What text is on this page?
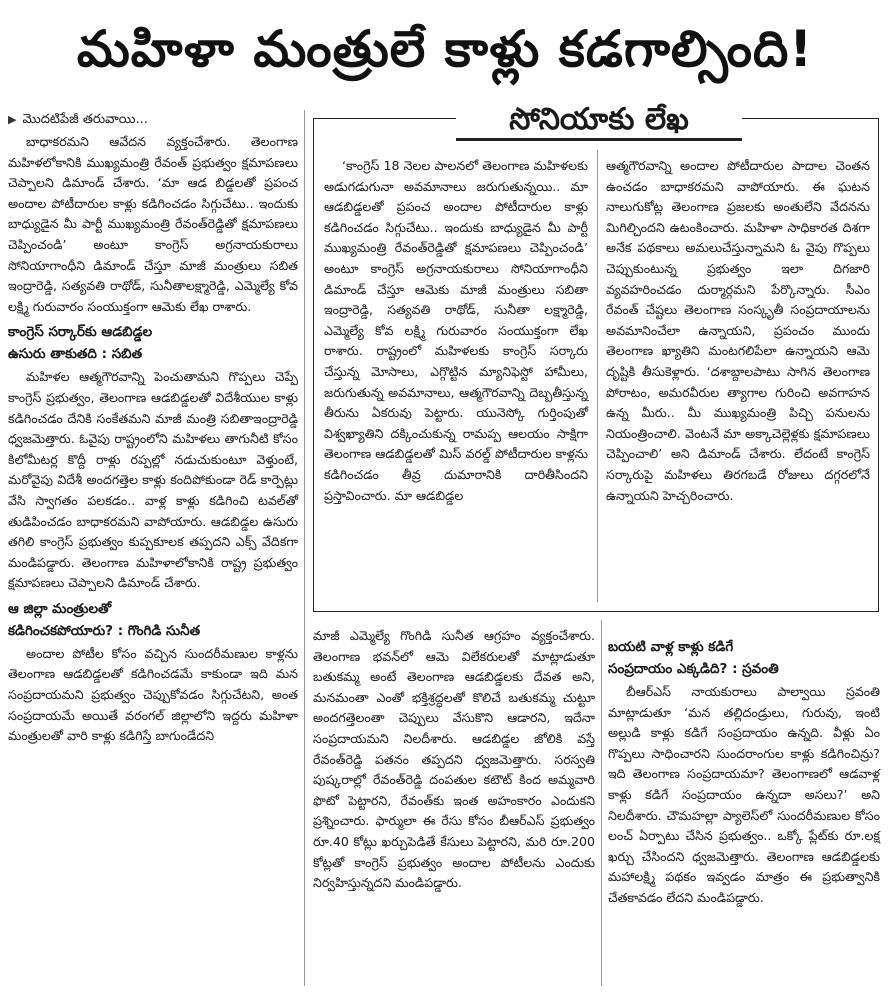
మహిళా మంత్రులే కాళ్లు కడగాల్సింది!
▶ మొదటిపేజీ తరువాయి...

బాధాకరమని ఆవేదన వ్యక్తంచేశారు. తెలంగాణ మహిళలోకానికి ముఖ్యమంత్రి రేవంత్ ప్రభుత్వం క్షమాపణలు చెప్పాలని డిమాండ్ చేశారు. ‘మా ఆడ బిడ్డలతో ప్రపంచ అందాల పోటీదారుల కాళ్లు కడిగించడం సిగ్గుచేటు.. ఇందుకు బాధ్యుడైన మీ పార్టీ ముఖ్యమంత్రి రేవంత్‌రెడ్డితో క్షమాపణలు చెప్పించండి’ అంటూ కాంగ్రెస్ అగ్రనాయకురాలు సోనియాగాంధీని డిమాండ్ చేస్తూ మాజీ మంత్రులు సబిత ఇంద్రారెడ్డి, సత్యవతి రాథోడ్, సునీతాలక్ష్మారెడ్డి, ఎమ్మెల్యే కోవ లక్ష్మి గురువారం సంయుక్తంగా ఆమెకు లేఖ రాశారు.

కాంగ్రెస్ సర్కార్‌కు ఆడబిడ్డల
ఉసురు తాకుతది : సబిత

మహిళల ఆత్మగౌరవాన్ని పెంచుతామని గొప్పలు చెప్పే కాంగ్రెస్ ప్రభుత్వం, తెలంగాణ ఆడబిడ్డలతో విదేశీయుల కాళ్లు కడిగించడం దేనికి సంకేతమని మాజీ మంత్రి సబితాఇంద్రారెడ్డి ధ్వజమెత్తారు. ఓవైపు రాష్ట్రంలోని మహిళలు తాగునీటి కోసం కిలోమీటర్ల కొద్దీ రాళ్లు రప్పల్లో నడుచుకుంటూ వెళ్తుంటే, మరోవైపు విదేశీ అందగత్తెల కాళ్లు కందిపోకుండా రెడ్ కార్పెట్లు వేసి స్వాగతం పలకడం.. వాళ్ల కాళ్లు కడిగించి టవల్‌తో తుడిపించడం బాధాకరమని వాపోయారు. ఆడబిడ్డల ఉసురు తగిలి కాంగ్రెస్ ప్రభుత్వం కుప్పకూలక తప్పదని ఎక్స్ వేదికగా మండిపడ్డారు. తెలంగాణ మహిళాలోకానికి రాష్ట్ర ప్రభుత్వం క్షమాపణలు చెప్పాలని డిమాండ్ చేశారు.

ఆ జిల్లా మంత్రులతో
కడిగించకపోయారు? : గొంగిడి సునీత

అందాల పోటీల కోసం వచ్చిన సుందరీమణుల కాళ్లను తెలంగాణ ఆడబిడ్డలతో కడిగించడమే కాకుండా ఇది మన సంప్రదాయమని ప్రభుత్వం చెప్పుకోవడం సిగ్గుచేటని, అంత సంప్రదాయమే అయితే వరంగల్ జిల్లాలోని ఇద్దరు మహిళా మంత్రులతో వారి కాళ్లు కడిగిస్తే బాగుండేదని

సోనియాకు లేఖ

‘కాంగ్రెస్ 18 నెలల పాలనలో తెలంగాణ మహిళలకు అడుగడుగునా అవమానాలు జరుగుతున్నయి.. మా ఆడబిడ్డలతో ప్రపంచ అందాల పోటీదారుల కాళ్లు కడిగించడం సిగ్గుచేటు.. ఇందుకు బాధ్యుడైన మీ పార్టీ ముఖ్యమంత్రి రేవంత్‌రెడ్డితో క్షమాపణలు చెప్పించండి’ అంటూ కాంగ్రెస్ అగ్రనాయకురాలు సోనియాగాంధీని డిమాండ్ చేస్తూ ఆమెకు మాజీ మంత్రులు సబితా ఇంద్రారెడ్డి, సత్యవతి రాథోడ్, సునీతా లక్ష్మారెడ్డి, ఎమ్మెల్యే కోవ లక్ష్మి గురువారం సంయుక్తంగా లేఖ రాశారు. రాష్ట్రంలో మహిళలకు కాంగ్రెస్ సర్కారు చేస్తున్న మోసాలు, ఎగ్గొట్టిన మ్యానిఫెస్టో హామీలు, జరుగుతున్న అవమానాలు, ఆత్మగౌరవాన్ని దెబ్బతీస్తున్న తీరును ఏకరువు పెట్టారు. యునెస్కో గుర్తింపుతో విశ్వఖ్యాతిని దక్కించుకున్న రామప్ప ఆలయం సాక్షిగా తెలంగాణ ఆడబిడ్డలతో మిస్ వరల్డ్ పోటీదారుల కాళ్లను కడిగించడం తీవ్ర దుమారానికి దారితీసిందని ప్రస్తావించారు. మా ఆడబిడ్డల

ఆత్మగౌరవాన్ని అందాల పోటీదారుల పాదాల చెంతన ఉంచడం బాధాకరమని వాపోయారు. ఈ ఘటన నాలుగుకోట్ల తెలంగాణ ప్రజలకు అంతులేని వేదనను మిగిల్చిందని ఉటంకించారు. మహిళా సాధికారత దిశగా అనేక పథకాలు అమలుచేస్తున్నామని ఓ వైపు గొప్పలు చెప్పుకుంటున్న ప్రభుత్వం ఇలా దిగజారి వ్యవహరించడం దుర్మార్గమని పేర్కొన్నారు. సీఎం రేవంత్ చేష్టలు తెలంగాణ సంస్కృతీ సంప్రదాయాలను అవమానించేలా ఉన్నాయని, ప్రపంచం ముందు తెలంగాణ ఖ్యాతిని మంటగలిపేలా ఉన్నాయని ఆమె దృష్టికి తీసుకెళ్లారు. ‘దశాబ్దాలపాటు సాగిన తెలంగాణ పోరాటం, అమరవీరుల త్యాగాల గురించి అవగాహన ఉన్న మీరు.. మీ ముఖ్యమంత్రి పిచ్చి పనులను నియంత్రించాలి. వెంటనే మా అక్కాచెల్లెళ్లకు క్షమాపణలు చెప్పించాలి’ అని డిమాండ్ చేశారు. లేదంటే కాంగ్రెస్ సర్కారుపై మహిళలు తిరగబడే రోజులు దగ్గరలోనే ఉన్నాయని హెచ్చరించారు.

మాజీ ఎమ్మెల్యే గొంగిడి సునీత ఆగ్రహం వ్యక్తంచేశారు. తెలంగాణ భవన్‌లో ఆమె విలేకరులతో మాట్లాడుతూ బతుకమ్మ అంటే తెలంగాణ ఆడబిడ్డలకు దేవత అని, మనమంతా ఎంతో భక్తిశ్రద్ధలతో కొలిచే బతుకమ్మ చుట్టూ అందగత్తెలంతా చెప్పులు వేసుకొని ఆడారని, ఇదేనా సంప్రదాయమని నిలదీశారు. ఆడబిడ్డల జోలికి వస్తే రేవంత్‌రెడ్డి పతనం తప్పదని ధ్వజమెత్తారు. సరస్వతి పుష్కరాల్లో రేవంత్‌రెడ్డి దంపతుల కటౌట్ కింద అమ్మవారి ఫొటో పెట్టారని, రేవంత్‌కు ఇంత అహంకారం ఎందుకని ప్రశ్నించారు. ఫార్ములా ఈ రేసు కోసం బీఆర్‌ఎస్ ప్రభుత్వం రూ.40 కోట్లు ఖర్చుపెడితే కేసులు పెట్టారని, మరి రూ.200 కోట్లతో కాంగ్రెస్ ప్రభుత్వం అందాల పోటీలను ఎందుకు నిర్వహిస్తున్నదని మండిపడ్డారు.

బయటి వాళ్ల కాళ్లు కడిగే
సంప్రదాయం ఎక్కడిది? : స్రవంతి

బీఆర్‌ఎస్ నాయకురాలు పాల్వాయి స్రవంతి మాట్లాడుతూ ‘మన తల్లిదండ్రులు, గురువు, ఇంటి అల్లుడి కాళ్లు కడిగే సంప్రదాయం ఉన్నది. వీళ్లు ఏం గొప్పలు సాధించారని సుందరాంగుల కాళ్లు కడిగించిన్రు? ఇది తెలంగాణ సంప్రదాయమా? తెలంగాణలో ఆడవాళ్ల కాళ్లు కడిగే సంప్రదాయం ఉన్నదా అసలు?’ అని నిలదీశారు. చౌమహల్లా ప్యాలెస్‌లో సుందరీమణుల కోసం లంచ్ ఏర్పాటు చేసిన ప్రభుత్వం.. ఒక్కో ప్లేట్‌కు రూ.లక్ష ఖర్చు చేసిందని ధ్వజమెత్తారు. తెలంగాణ ఆడబిడ్డలకు మహాలక్ష్మి పథకం ఇవ్వడం మాత్రం ఈ ప్రభుత్వానికి చేతకావడం లేదని మండిపడ్డారు.
